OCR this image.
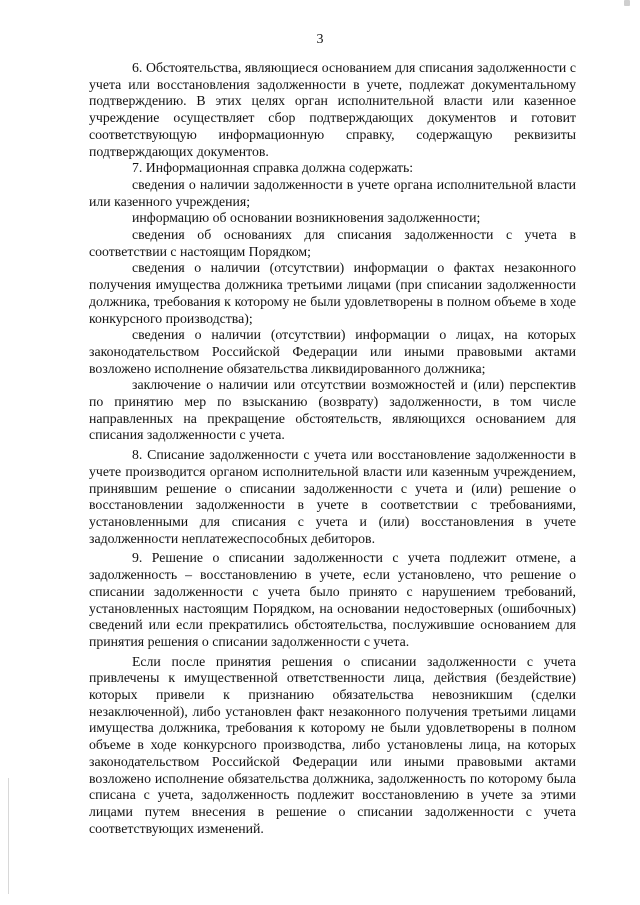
3

6. Обстоятельства, являющиеся основанием для списания задолженности с учета или восстановления задолженности в учете, подлежат документальному подтверждению. В этих целях орган исполнительной власти или казенное учреждение осуществляет сбор подтверждающих документов и готовит соответствующую информационную справку, содержащую реквизиты подтверждающих документов.

7. Информационная справка должна содержать:

сведения о наличии задолженности в учете органа исполнительной власти или казенного учреждения;

информацию об основании возникновения задолженности;

сведения об основаниях для списания задолженности с учета в соответствии с настоящим Порядком;

сведения о наличии (отсутствии) информации о фактах незаконного получения имущества должника третьими лицами (при списании задолженности должника, требования к которому не были удовлетворены в полном объеме в ходе конкурсного производства);

сведения о наличии (отсутствии) информации о лицах, на которых законодательством Российской Федерации или иными правовыми актами возложено исполнение обязательства ликвидированного должника;

заключение о наличии или отсутствии возможностей и (или) перспектив по принятию мер по взысканию (возврату) задолженности, в том числе направленных на прекращение обстоятельств, являющихся основанием для списания задолженности с учета.

8. Списание задолженности с учета или восстановление задолженности в учете производится органом исполнительной власти или казенным учреждением, принявшим решение о списании задолженности с учета и (или) решение о восстановлении задолженности в учете в соответствии с требованиями, установленными для списания с учета и (или) восстановления в учете задолженности неплатежеспособных дебиторов.

9. Решение о списании задолженности с учета подлежит отмене, а задолженность – восстановлению в учете, если установлено, что решение о списании задолженности с учета было принято с нарушением требований, установленных настоящим Порядком, на основании недостоверных (ошибочных) сведений или если прекратились обстоятельства, послужившие основанием для принятия решения о списании задолженности с учета.

Если после принятия решения о списании задолженности с учета привлечены к имущественной ответственности лица, действия (бездействие) которых привели к признанию обязательства невозникшим (сделки незаключенной), либо установлен факт незаконного получения третьими лицами имущества должника, требования к которому не были удовлетворены в полном объеме в ходе конкурсного производства, либо установлены лица, на которых законодательством Российской Федерации или иными правовыми актами возложено исполнение обязательства должника, задолженность по которому была списана с учета, задолженность подлежит восстановлению в учете за этими лицами путем внесения в решение о списании задолженности с учета соответствующих изменений.
